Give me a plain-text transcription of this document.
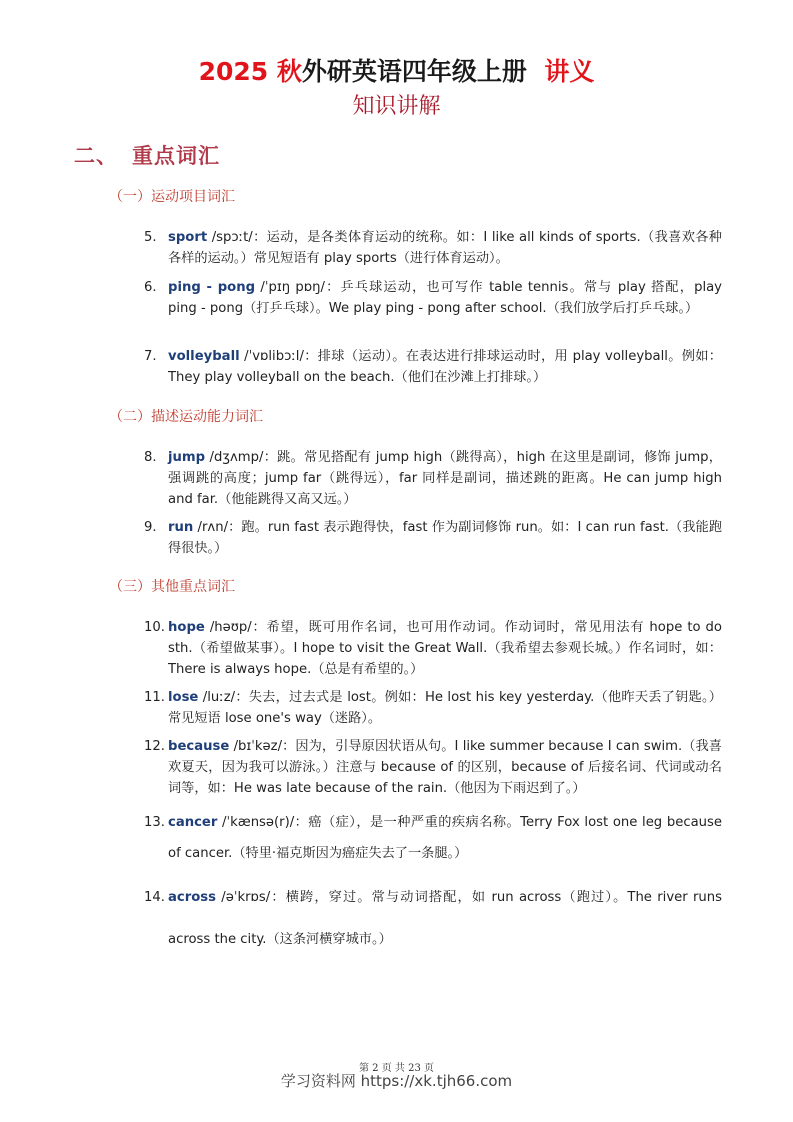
2025 秋外研英语四年级上册 讲义
知识讲解
二、 重点词汇
（一）运动项目词汇
5. sport /spɔːt/：运动，是各类体育运动的统称。如：I like all kinds of sports.（我喜欢各种各样的运动。）常见短语有 play sports（进行体育运动）。
6. ping - pong /ˈpɪŋ pɒŋ/：乒乓球运动，也可写作 table tennis。常与 play 搭配，play ping - pong（打乒乓球）。We play ping - pong after school.（我们放学后打乒乓球。）
7. volleyball /ˈvɒlibɔːl/：排球（运动）。在表达进行排球运动时，用 play volleyball。例如：They play volleyball on the beach.（他们在沙滩上打排球。）
（二）描述运动能力词汇
8. jump /dʒʌmp/：跳。常见搭配有 jump high（跳得高），high 在这里是副词，修饰 jump，强调跳的高度；jump far（跳得远），far 同样是副词，描述跳的距离。He can jump high and far.（他能跳得又高又远。）
9. run /rʌn/：跑。run fast 表示跑得快，fast 作为副词修饰 run。如：I can run fast.（我能跑得很快。）
（三）其他重点词汇
10. hope /həʊp/：希望，既可用作名词，也可用作动词。作动词时，常见用法有 hope to do sth.（希望做某事）。I hope to visit the Great Wall.（我希望去参观长城。）作名词时，如：There is always hope.（总是有希望的。）
11. lose /luːz/：失去，过去式是 lost。例如：He lost his key yesterday.（他昨天丢了钥匙。）常见短语 lose one's way（迷路）。
12. because /bɪˈkəz/：因为，引导原因状语从句。I like summer because I can swim.（我喜欢夏天，因为我可以游泳。）注意与 because of 的区别，because of 后接名词、代词或动名词等，如：He was late because of the rain.（他因为下雨迟到了。）
13. cancer /ˈkænsə(r)/：癌（症），是一种严重的疾病名称。Terry Fox lost one leg because of cancer.（特里·福克斯因为癌症失去了一条腿。）
14. across /əˈkrɒs/：横跨，穿过。常与动词搭配，如 run across（跑过）。The river runs across the city.（这条河横穿城市。）
第 2 页 共 23 页
学习资料网 https://xk.tjh66.com
